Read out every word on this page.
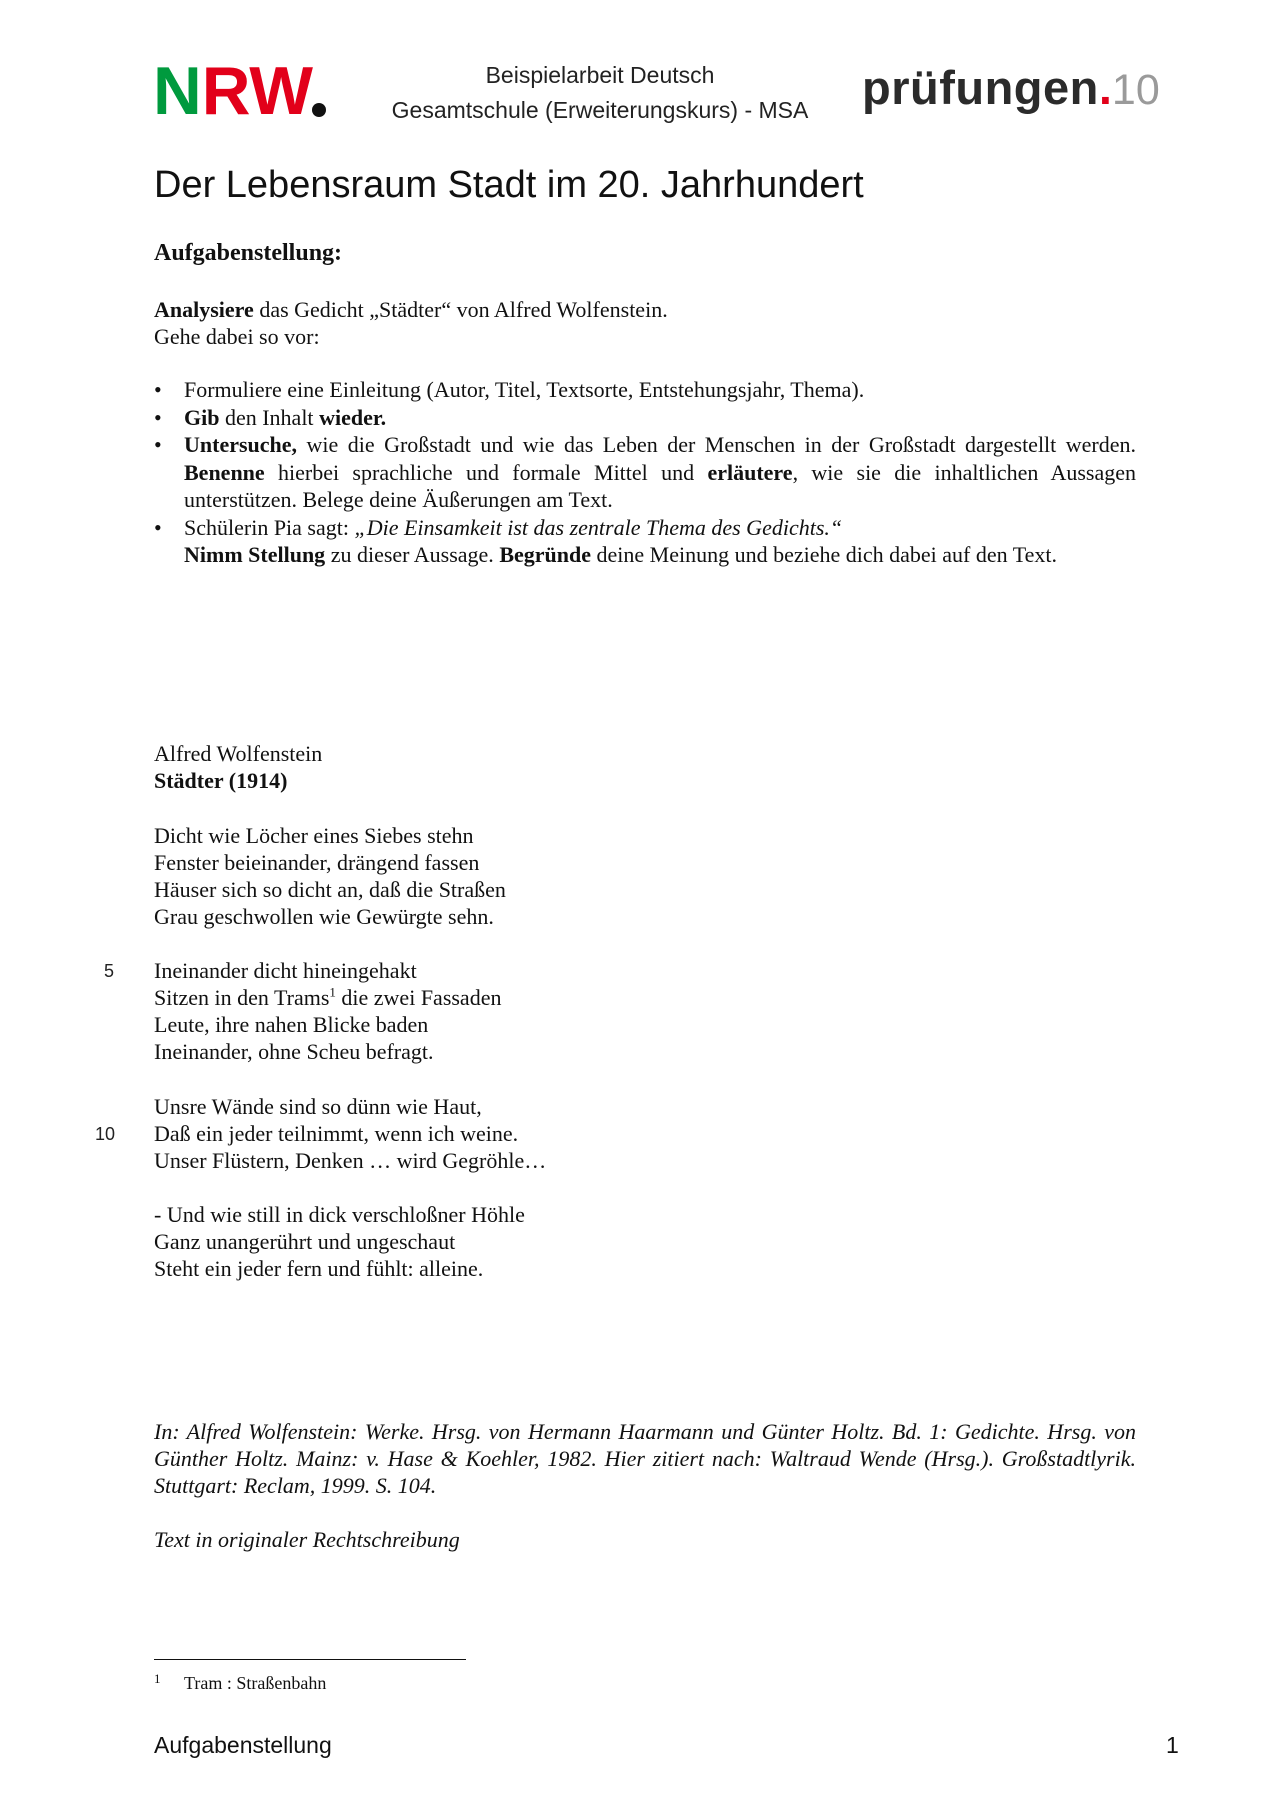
NRW	Beispielarbeit Deutsch
Gesamtschule (Erweiterungskurs) - MSA	prüfungen.10
Der Lebensraum Stadt im 20. Jahrhundert
Aufgabenstellung:
Analysiere das Gedicht „Städter“ von Alfred Wolfenstein.
Gehe dabei so vor:
• Formuliere eine Einleitung (Autor, Titel, Textsorte, Entstehungsjahr, Thema).
• Gib den Inhalt wieder.
• Untersuche, wie die Großstadt und wie das Leben der Menschen in der Großstadt dargestellt werden. Benenne hierbei sprachliche und formale Mittel und erläutere, wie sie die inhaltlichen Aussagen unterstützen. Belege deine Äußerungen am Text.
• Schülerin Pia sagt: „Die Einsamkeit ist das zentrale Thema des Gedichts.“
Nimm Stellung zu dieser Aussage. Begründe deine Meinung und beziehe dich dabei auf den Text.
Alfred Wolfenstein
Städter (1914)
Dicht wie Löcher eines Siebes stehn
Fenster beieinander, drängend fassen
Häuser sich so dicht an, daß die Straßen
Grau geschwollen wie Gewürgte sehn.
Ineinander dicht hineingehakt
Sitzen in den Trams$^1$ die zwei Fassaden
Leute, ihre nahen Blicke baden
Ineinander, ohne Scheu befragt.
Unsre Wände sind so dünn wie Haut,
Daß ein jeder teilnimmt, wenn ich weine.
Unser Flüstern, Denken … wird Gegröhle…
- Und wie still in dick verschloßner Höhle
Ganz unangerührt und ungeschaut
Steht ein jeder fern und fühlt: alleine.
5
10
In: Alfred Wolfenstein: Werke. Hrsg. von Hermann Haarmann und Günter Holtz. Bd. 1: Gedichte. Hrsg. von Günther Holtz. Mainz: v. Hase & Koehler, 1982. Hier zitiert nach: Waltraud Wende (Hrsg.). Großstadtlyrik. Stuttgart: Reclam, 1999. S. 104.
Text in originaler Rechtschreibung
1 Tram : Straßenbahn
Aufgabenstellung	1
